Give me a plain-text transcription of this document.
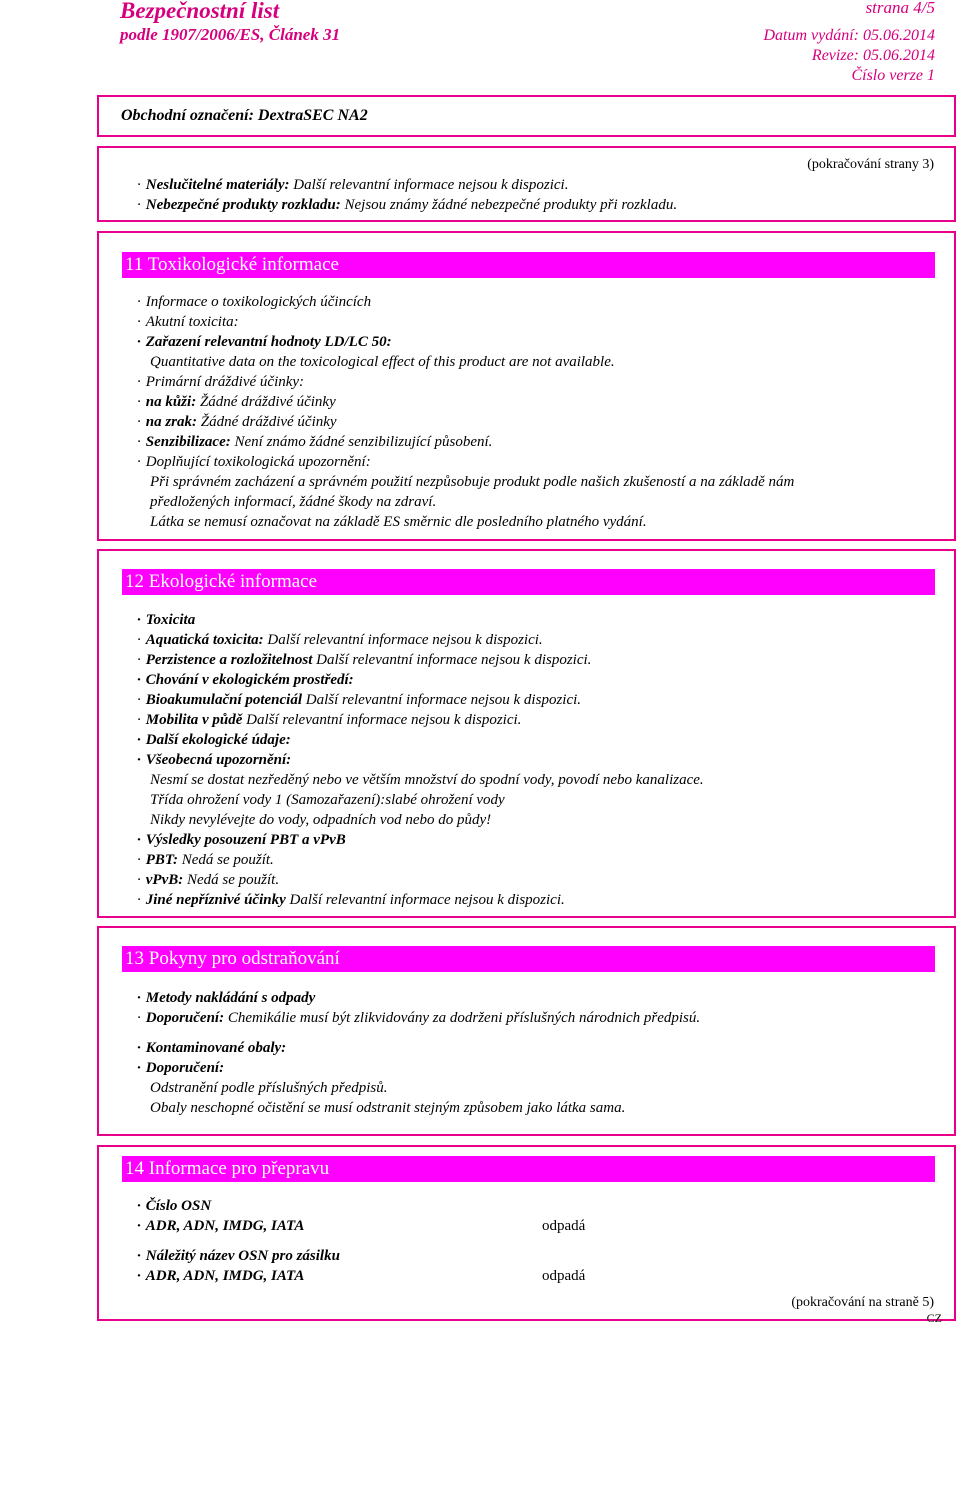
Bezpečnostní list
podle 1907/2006/ES, Článek 31
strana 4/5
Datum vydání: 05.06.2014
Revize: 05.06.2014
Číslo verze 1
Obchodní označení: DextraSEC NA2
(pokračování strany 3)
· Neslučitelné materiály: Další relevantní informace nejsou k dispozici.
· Nebezpečné produkty rozkladu: Nejsou známy žádné nebezpečné produkty při rozkladu.
11 Toxikologické informace
· Informace o toxikologických účincích
· Akutní toxicita:
· Zařazení relevantní hodnoty LD/LC 50:
Quantitative data on the toxicological effect of this product are not available.
· Primární dráždivé účinky:
· na kůži: Žádné dráždivé účinky
· na zrak: Žádné dráždivé účinky
· Senzibilizace: Není známo žádné senzibilizující působení.
· Doplňující toxikologická upozornění:
Při správném zacházení a správném použití nezpůsobuje produkt podle našich zkušeností a na základě nám
předložených informací, žádné škody na zdraví.
Látka se nemusí označovat na základě ES směrnic dle posledního platného vydání.
12 Ekologické informace
· Toxicita
· Aquatická toxicita: Další relevantní informace nejsou k dispozici.
· Perzistence a rozložitelnost Další relevantní informace nejsou k dispozici.
· Chování v ekologickém prostředí:
· Bioakumulační potenciál Další relevantní informace nejsou k dispozici.
· Mobilita v půdě Další relevantní informace nejsou k dispozici.
· Další ekologické údaje:
· Všeobecná upozornění:
Nesmí se dostat nezředěný nebo ve větším množství do spodní vody, povodí nebo kanalizace.
Třída ohrožení vody 1 (Samozařazení):slabé ohrožení vody
Nikdy nevylévejte do vody, odpadních vod nebo do půdy!
· Výsledky posouzení PBT a vPvB
· PBT: Nedá se použít.
· vPvB: Nedá se použít.
· Jiné nepříznivé účinky Další relevantní informace nejsou k dispozici.
13 Pokyny pro odstraňování
· Metody nakládání s odpady
· Doporučení: Chemikálie musí být zlikvidovány za dodrženi příslušných národnich předpisú.
· Kontaminované obaly:
· Doporučení:
Odstranění podle příslušných předpisů.
Obaly neschopné očistění se musí odstranit stejným způsobem jako látka sama.
14 Informace pro přepravu
· Číslo OSN
· ADR, ADN, IMDG, IATA	odpadá
· Náležitý název OSN pro zásilku
· ADR, ADN, IMDG, IATA	odpadá
(pokračování na straně 5)
CZ
